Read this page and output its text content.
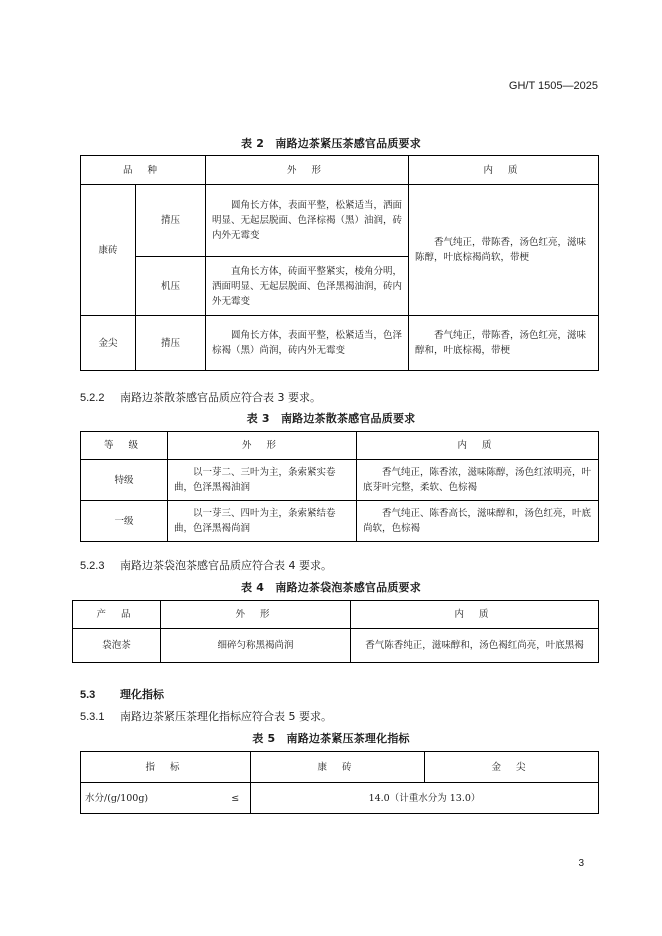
GH/T 1505—2025
表 2　南路边茶紧压茶感官品质要求
品 种		外 形	内 质
康砖	揹压	圆角长方体，表面平整，松紧适当，洒面明显、无起层脱面、色泽棕褐（黑）油润，砖内外无霉变	香气纯正，带陈香，汤色红亮，滋味陈醇，叶底棕褐尚软，带梗
	机压	直角长方体，砖面平整紧实，棱角分明，洒面明显、无起层脱面、色泽黑褐油润，砖内外无霉变	
金尖	揹压	圆角长方体，表面平整，松紧适当，色泽棕褐（黑）尚润，砖内外无霉变	香气纯正，带陈香，汤色红亮，滋味醇和，叶底棕褐，带梗
5.2.2 南路边茶散茶感官品质应符合表 3 要求。
表 3　南路边茶散茶感官品质要求
等 级	外 形	内 质
特级	以一芽二、三叶为主，条索紧实卷曲，色泽黑褐油润	香气纯正，陈香浓，滋味陈醇，汤色红浓明亮，叶底芽叶完整，柔软、色棕褐
一级	以一芽三、四叶为主，条索紧结卷曲，色泽黑褐尚润	香气纯正、陈香高长，滋味醇和，汤色红亮，叶底尚软，色棕褐
5.2.3 南路边茶袋泡茶感官品质应符合表 4 要求。
表 4　南路边茶袋泡茶感官品质要求
产 品	外 形	内 质
袋泡茶	细碎匀称黑褐尚润	香气陈香纯正，滋味醇和，汤色褐红尚亮，叶底黑褐
5.3 理化指标
5.3.1 南路边茶紧压茶理化指标应符合表 5 要求。
表 5　南路边茶紧压茶理化指标
指 标		康 砖	金 尖
水分/(g/100g)	≤	14.0（计重水分为 13.0）	
3
